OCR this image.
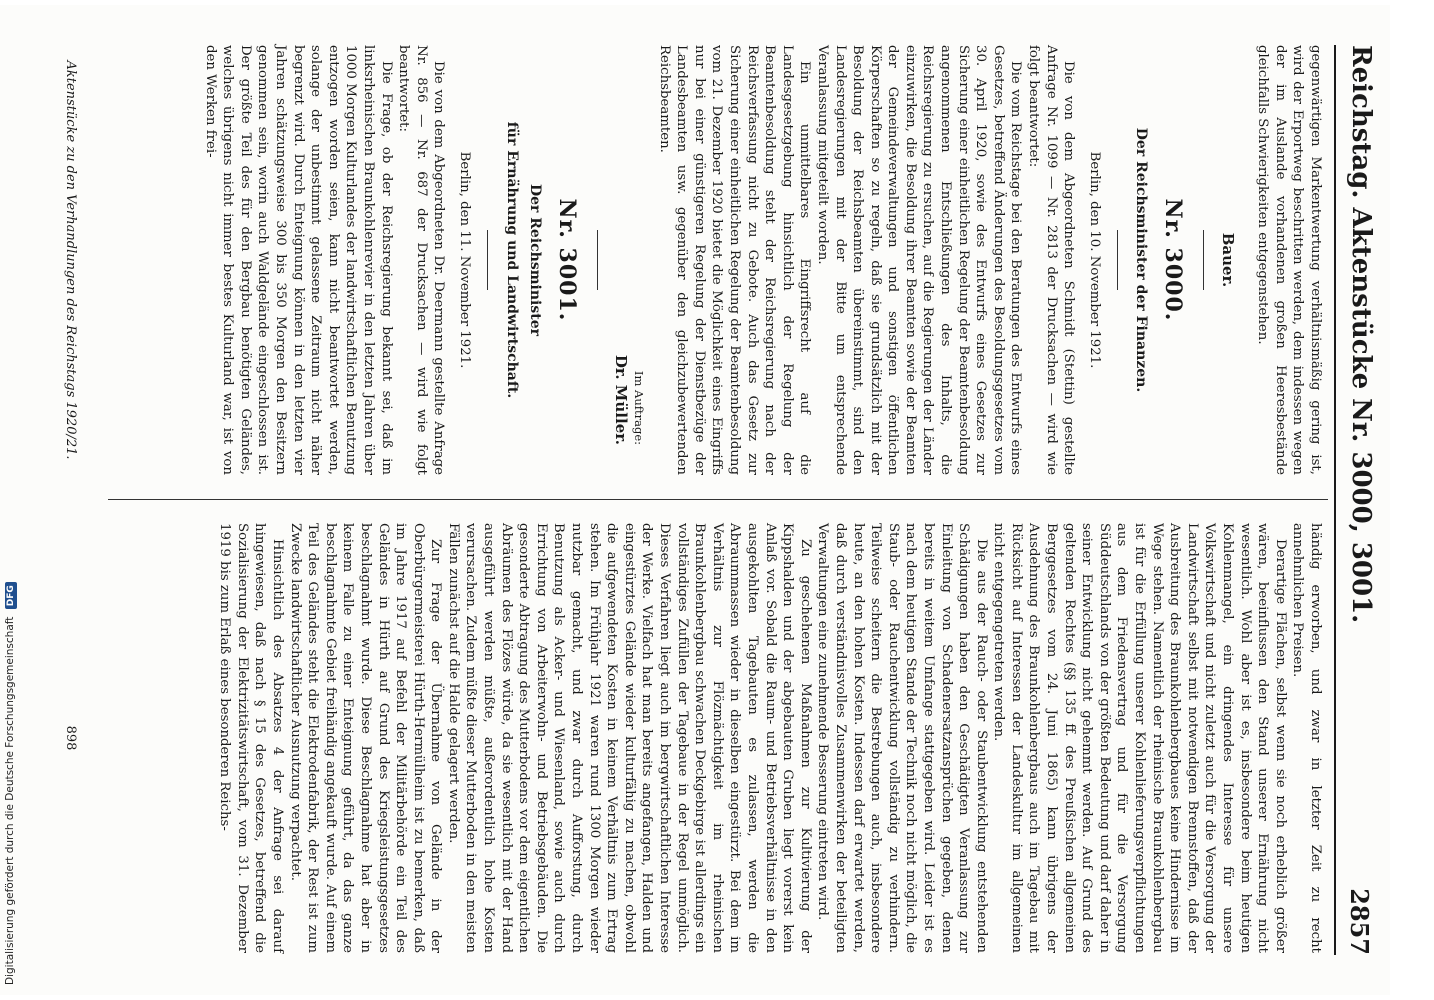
Reichstag. Aktenstücke Nr. 3000, 3001.
2857

gegenwärtigen Markentwertung verhältnismäßig gering ist, wird der Erportweg beschritten werden, dem indessen wegen der im Auslande vorhandenen großen Heeresbestände gleichfalls Schwierigkeiten entgegenstehen.

Bauer.

Nr. 3000.

Der Reichsminister der Finanzen.

Berlin, den 10. November 1921.

Die von dem Abgeordneten Schmidt (Stettin) gestellte Anfrage Nr. 1099 — Nr. 2813 der Drucksachen — wird wie folgt beantwortet:

Die vom Reichstage bei den Beratungen des Entwurfs eines Gesetzes, betreffend Änderungen des Besoldungsgesetzes vom 30. April 1920, sowie des Entwurfs eines Gesetzes zur Sicherung einer einheitlichen Regelung der Beamtenbesoldung angenommenen Entschließungen des Inhalts, die Reichsregierung zu ersuchen, auf die Regierungen der Länder einzuwirken, die Besoldung ihrer Beamten sowie der Beamten der Gemeindeverwaltungen und sonstigen öffentlichen Körperschaften so zu regeln, daß sie grundsätzlich mit der Besoldung der Reichsbeamten übereinstimmt, sind den Landesregierungen mit der Bitte um entsprechende Veranlassung mitgeteilt worden.

Ein unmittelbares Eingriffsrecht auf die Landesgesetzgebung hinsichtlich der Regelung der Beamtenbesoldung steht der Reichsregierung nach der Reichsverfassung nicht zu Gebote. Auch das Gesetz zur Sicherung einer einheitlichen Regelung der Beamtenbesoldung vom 21. Dezember 1920 bietet die Möglichkeit eines Eingriffs nur bei einer günstigeren Regelung der Dienstbezüge der Landesbeamten usw. gegenüber den gleichzubewertenden Reichsbeamten.

Im Auftrage:
Dr. Müller.

Nr. 3001.

Der Reichsminister

für Ernährung und Landwirtschaft.

Berlin, den 11. November 1921.

Die von dem Abgeordneten Dr. Deermann gestellte Anfrage Nr. 856 — Nr. 687 der Drucksachen — wird wie folgt beantwortet:

Die Frage, ob der Reichsregierung bekannt sei, daß im linksrheinischen Braunkohlenrevier in den letzten Jahren über 1000 Morgen Kulturlandes der landwirtschaftlichen Benutzung entzogen worden seien, kann nicht beantwortet werden, solange der unbestimmt gelassene Zeitraum nicht näher begrenzt wird. Durch Enteignung können in den letzten vier Jahren schätzungsweise 300 bis 350 Morgen den Besitzern genommen sein, worin auch Waldgelände eingeschlossen ist. Der größte Teil des für den Bergbau benötigten Geländes, welches übrigens nicht immer bestes Kulturland war, ist von den Werken frei-

händig erworben, und zwar in letzter Zeit zu recht annehmlichen Preisen.

Derartige Flächen, selbst wenn sie noch erheblich größer wären, beeinflussen den Stand unserer Ernährung nicht wesentlich. Wohl aber ist es, insbesondere beim heutigen Kohlenmangel, ein dringendes Interesse für unsere Volkswirtschaft und nicht zuletzt auch für die Versorgung der Landwirtschaft selbst mit notwendigen Brennstoffen, daß der Ausbreitung des Braunkohlenbergbaues keine Hindernisse im Wege stehen. Namentlich der rheinische Braunkohlenbergbau ist für die Erfüllung unserer Kohlenlieferungsverpflichtungen aus dem Friedensvertrag und für die Versorgung Süddeutschlands von der größten Bedeutung und darf daher in seiner Entwicklung nicht gehemmt werden. Auf Grund des geltenden Rechtes (§§ 135 ff. des Preußischen allgemeinen Berggesetzes vom 24. Juni 1865) kann übrigens der Ausdehnung des Braunkohlenbergbaus auch im Tagebau mit Rücksicht auf Interessen der Landeskultur im allgemeinen nicht entgegengetreten werden.

Die aus der Rauch- oder Staubentwicklung entstehenden Schädigungen haben den Geschädigten Veranlassung zur Einleitung von Schadenersatzansprüchen gegeben, denen bereits in weitem Umfange stattgegeben wird. Leider ist es nach dem heutigen Stande der Technik noch nicht möglich, die Staub- oder Rauchentwicklung vollständig zu verhindern. Teilweise scheitern die Bestrebungen auch, insbesondere heute, an den hohen Kosten. Indessen darf erwartet werden, daß durch verständnisvolles Zusammenwirken der beteiligten Verwaltungen eine zunehmende Besserung eintreten wird.

Zu geschehenen Maßnahmen zur Kultivierung der Kippshalden und der abgebauten Gruben liegt vorerst kein Anlaß vor. Sobald die Raum- und Betriebsverhältnisse in den ausgekohlten Tagebauten es zulassen, werden die Abraummassen wieder in dieselben eingestürzt. Bei dem im Verhältnis zur Flözmächtigkeit im rheinischen Braunkohlenbergbau schwachen Deckgebirge ist allerdings ein vollständiges Zufüllen der Tagebaue in der Regel unmöglich. Dieses Verfahren liegt auch im bergwirtschaftlichen Interesse der Werke. Vielfach hat man bereits angefangen, Halden und eingestürztes Gelände wieder kulturfähig zu machen, obwohl die aufgewendeten Kosten in keinem Verhältnis zum Ertrag stehen. Im Frühjahr 1921 waren rund 1300 Morgen wieder nutzbar gemacht, und zwar durch Aufforstung, durch Benutzung als Acker- und Wiesenland, sowie auch durch Errichtung von Arbeiterwohn- und Betriebsgebäuden. Die gesonderte Abtragung des Mutterbodens vor dem eigentlichen Abräumen des Flözes würde, da sie wesentlich mit der Hand ausgeführt werden müßte, außerordentlich hohe Kosten verursachen. Zudem müßte dieser Mutterboden in den meisten Fällen zunächst auf die Halde gelagert werden.

Zur Frage der Übernahme von Gelände in der Oberbürgermeisterei Hürth-Hermülheim ist zu bemerken, daß im Jahre 1917 auf Befehl der Militärbehörde ein Teil des Geländes in Hürth auf Grund des Kriegsleistungsgesetzes beschlagnahmt wurde. Diese Beschlagnahme hat aber in keinem Falle zu einer Enteignung geführt, da das ganze beschlagnahmte Gebiet freihändig angekauft wurde. Auf einem Teil des Geländes steht die Elektrodenfabrik, der Rest ist zum Zwecke landwirtschaftlicher Ausnutzung verpachtet.

Hinsichtlich des Absatzes 4 der Anfrage sei darauf hingewiesen, daß nach § 15 des Gesetzes, betreffend die Sozialisierung der Elektrizitätswirtschaft, vom 31. Dezember 1919 bis zum Erlaß eines besonderen Reichs-

Aktenstücke zu den Verhandlungen des Reichstags 1920/21.
898
Digitalisierung gefördert durch die Deutsche Forschungsgemeinschaft DFG
